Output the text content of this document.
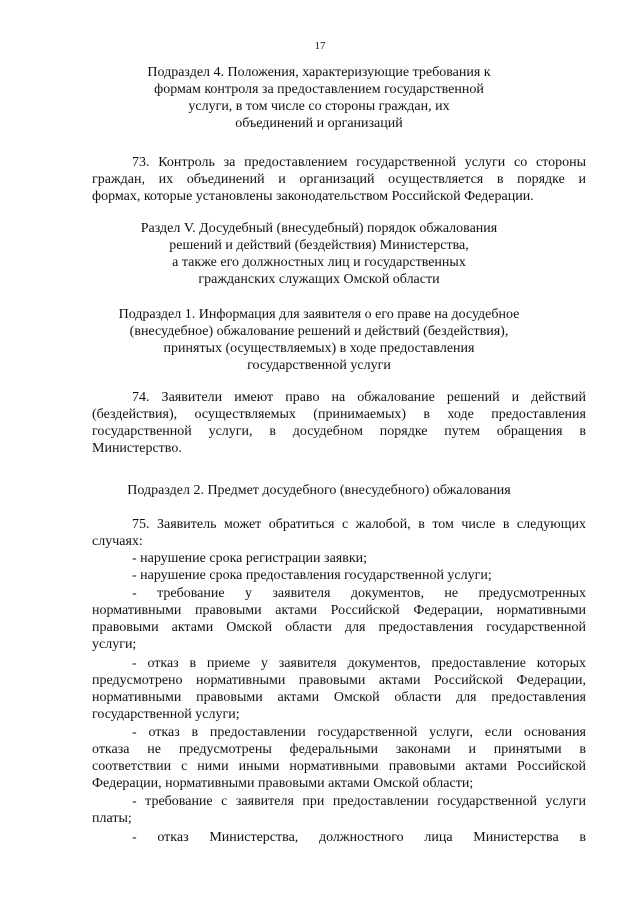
17
Подраздел 4. Положения, характеризующие требования к
формам контроля за предоставлением государственной
услуги, в том числе со стороны граждан, их
объединений и организаций
73. Контроль за предоставлением государственной услуги со стороны
граждан, их объединений и организаций осуществляется в порядке и
формах, которые установлены законодательством Российской Федерации.
Раздел V. Досудебный (внесудебный) порядок обжалования
решений и действий (бездействия) Министерства,
а также его должностных лиц и государственных
гражданских служащих Омской области
Подраздел 1. Информация для заявителя о его праве на досудебное
(внесудебное) обжалование решений и действий (бездействия),
принятых (осуществляемых) в ходе предоставления
государственной услуги
74. Заявители имеют право на обжалование решений и действий
(бездействия), осуществляемых (принимаемых) в ходе предоставления
государственной услуги, в досудебном порядке путем обращения в
Министерство.
Подраздел 2. Предмет досудебного (внесудебного) обжалования
75. Заявитель может обратиться с жалобой, в том числе в следующих
случаях:
- нарушение срока регистрации заявки;
- нарушение срока предоставления государственной услуги;
- требование у заявителя документов, не предусмотренных
нормативными правовыми актами Российской Федерации, нормативными
правовыми актами Омской области для предоставления государственной
услуги;
- отказ в приеме у заявителя документов, предоставление которых
предусмотрено нормативными правовыми актами Российской Федерации,
нормативными правовыми актами Омской области для предоставления
государственной услуги;
- отказ в предоставлении государственной услуги, если основания
отказа не предусмотрены федеральными законами и принятыми в
соответствии с ними иными нормативными правовыми актами Российской
Федерации, нормативными правовыми актами Омской области;
- требование с заявителя при предоставлении государственной услуги
платы;
- отказ Министерства, должностного лица Министерства в
